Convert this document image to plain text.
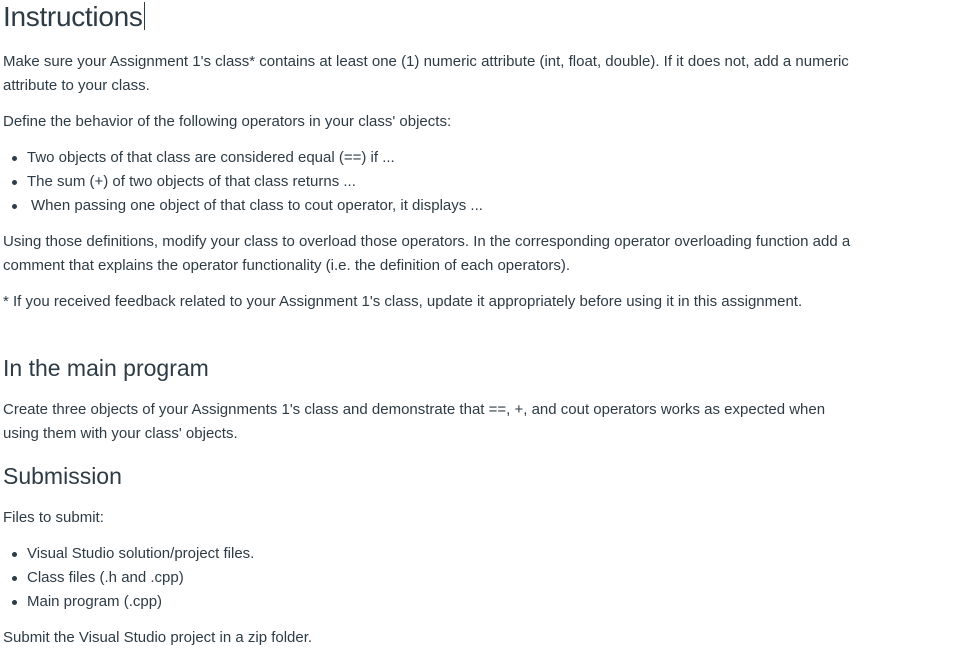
Instructions

Make sure your Assignment 1's class* contains at least one (1) numeric attribute (int, float, double). If it does not, add a numeric attribute to your class.

Define the behavior of the following operators in your class' objects:

Two objects of that class are considered equal (==) if ...
The sum (+) of two objects of that class returns ...
When passing one object of that class to cout operator, it displays ...

Using those definitions, modify your class to overload those operators. In the corresponding operator overloading function add a comment that explains the operator functionality (i.e. the definition of each operators).

* If you received feedback related to your Assignment 1's class, update it appropriately before using it in this assignment.

In the main program

Create three objects of your Assignments 1's class and demonstrate that ==, +, and cout operators works as expected when using them with your class' objects.

Submission

Files to submit:

Visual Studio solution/project files.
Class files (.h and .cpp)
Main program (.cpp)

Submit the Visual Studio project in a zip folder.
